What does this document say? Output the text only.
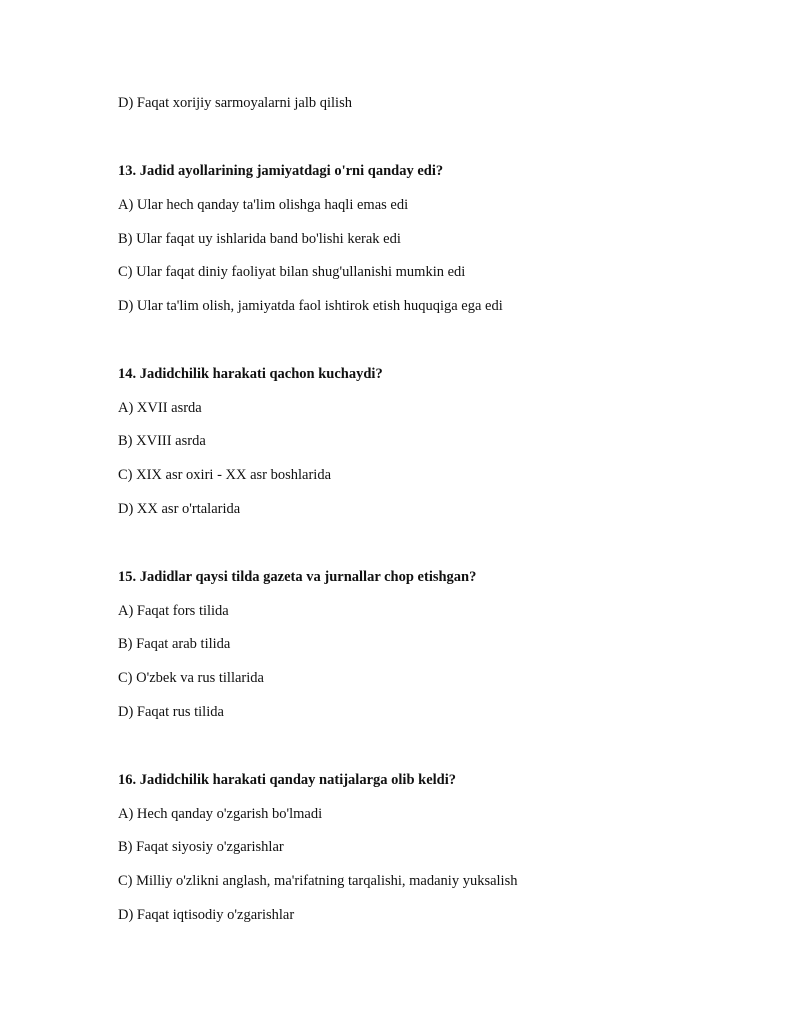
D) Faqat xorijiy sarmoyalarni jalb qilish
13. Jadid ayollarining jamiyatdagi o'rni qanday edi?
A) Ular hech qanday ta'lim olishga haqli emas edi
B) Ular faqat uy ishlarida band bo'lishi kerak edi
C) Ular faqat diniy faoliyat bilan shug'ullanishi mumkin edi
D) Ular ta'lim olish, jamiyatda faol ishtirok etish huquqiga ega edi
14. Jadidchilik harakati qachon kuchaydi?
A) XVII asrda
B) XVIII asrda
C) XIX asr oxiri - XX asr boshlarida
D) XX asr o'rtalarida
15. Jadidlar qaysi tilda gazeta va jurnallar chop etishgan?
A) Faqat fors tilida
B) Faqat arab tilida
C) O'zbek va rus tillarida
D) Faqat rus tilida
16. Jadidchilik harakati qanday natijalarga olib keldi?
A) Hech qanday o'zgarish bo'lmadi
B) Faqat siyosiy o'zgarishlar
C) Milliy o'zlikni anglash, ma'rifatning tarqalishi, madaniy yuksalish
D) Faqat iqtisodiy o'zgarishlar
